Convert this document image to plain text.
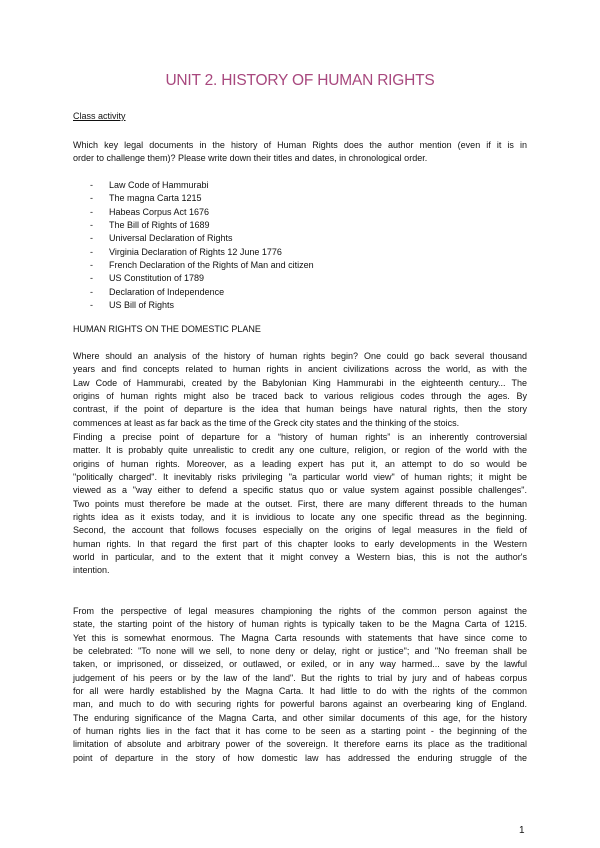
UNIT 2. HISTORY OF HUMAN RIGHTS
Class activity
Which key legal documents in the history of Human Rights does the author mention (even if it is in
order to challenge them)? Please write down their titles and dates, in chronological order.
- Law Code of Hammurabi
- The magna Carta 1215
- Habeas Corpus Act 1676
- The Bill of Rights of 1689
- Universal Declaration of Rights
- Virginia Declaration of Rights 12 June 1776
- French Declaration of the Rights of Man and citizen
- US Constitution of 1789
- Declaration of Independence
- US Bill of Rights
HUMAN RIGHTS ON THE DOMESTIC PLANE
Where should an analysis of the history of human rights begin? One could go back several thousand
years and find concepts related to human rights in ancient civilizations across the world, as with the
Law Code of Hammurabi, created by the Babylonian King Hammurabi in the eighteenth century... The
origins of human rights might also be traced back to various religious codes through the ages. By
contrast, if the point of departure is the idea that human beings have natural rights, then the story
commences at least as far back as the time of the Greck city states and the thinking of the stoics.
Finding a precise point of departure for a “history of human rights” is an inherently controversial
matter. It is probably quite unrealistic to credit any one culture, religion, or region of the world with the
origins of human rights. Moreover, as a leading expert has put it, an attempt to do so would be
"politically charged". It inevitably risks privileging "a particular world view" of human rights; it might be
viewed as a "way either to defend a specific status quo or value system against possible challenges".
Two points must therefore be made at the outset. First, there are many different threads to the human
rights idea as it exists today, and it is invidious to locate any one specific thread as the beginning.
Second, the account that follows focuses especially on the origins of legal measures in the field of
human rights. In that regard the first part of this chapter looks to early developments in the Western
world in particular, and to the extent that it might convey a Western bias, this is not the author's
intention.
From the perspective of legal measures championing the rights of the common person against the
state, the starting point of the history of human rights is typically taken to be the Magna Carta of 1215.
Yet this is somewhat enormous. The Magna Carta resounds with statements that have since come to
be celebrated: "To none will we sell, to none deny or delay, right or justice"; and "No freeman shall be
taken, or imprisoned, or disseized, or outlawed, or exiled, or in any way harmed... save by the lawful
judgement of his peers or by the law of the land". But the rights to trial by jury and of habeas corpus
for all were hardly established by the Magna Carta. It had little to do with the rights of the common
man, and much to do with securing rights for powerful barons against an overbearing king of England.
The enduring significance of the Magna Carta, and other similar documents of this age, for the history
of human rights lies in the fact that it has come to be seen as a starting point - the beginning of the
limitation of absolute and arbitrary power of the sovereign. It therefore earns its place as the traditional
point of departure in the story of how domestic law has addressed the enduring struggle of the
1
